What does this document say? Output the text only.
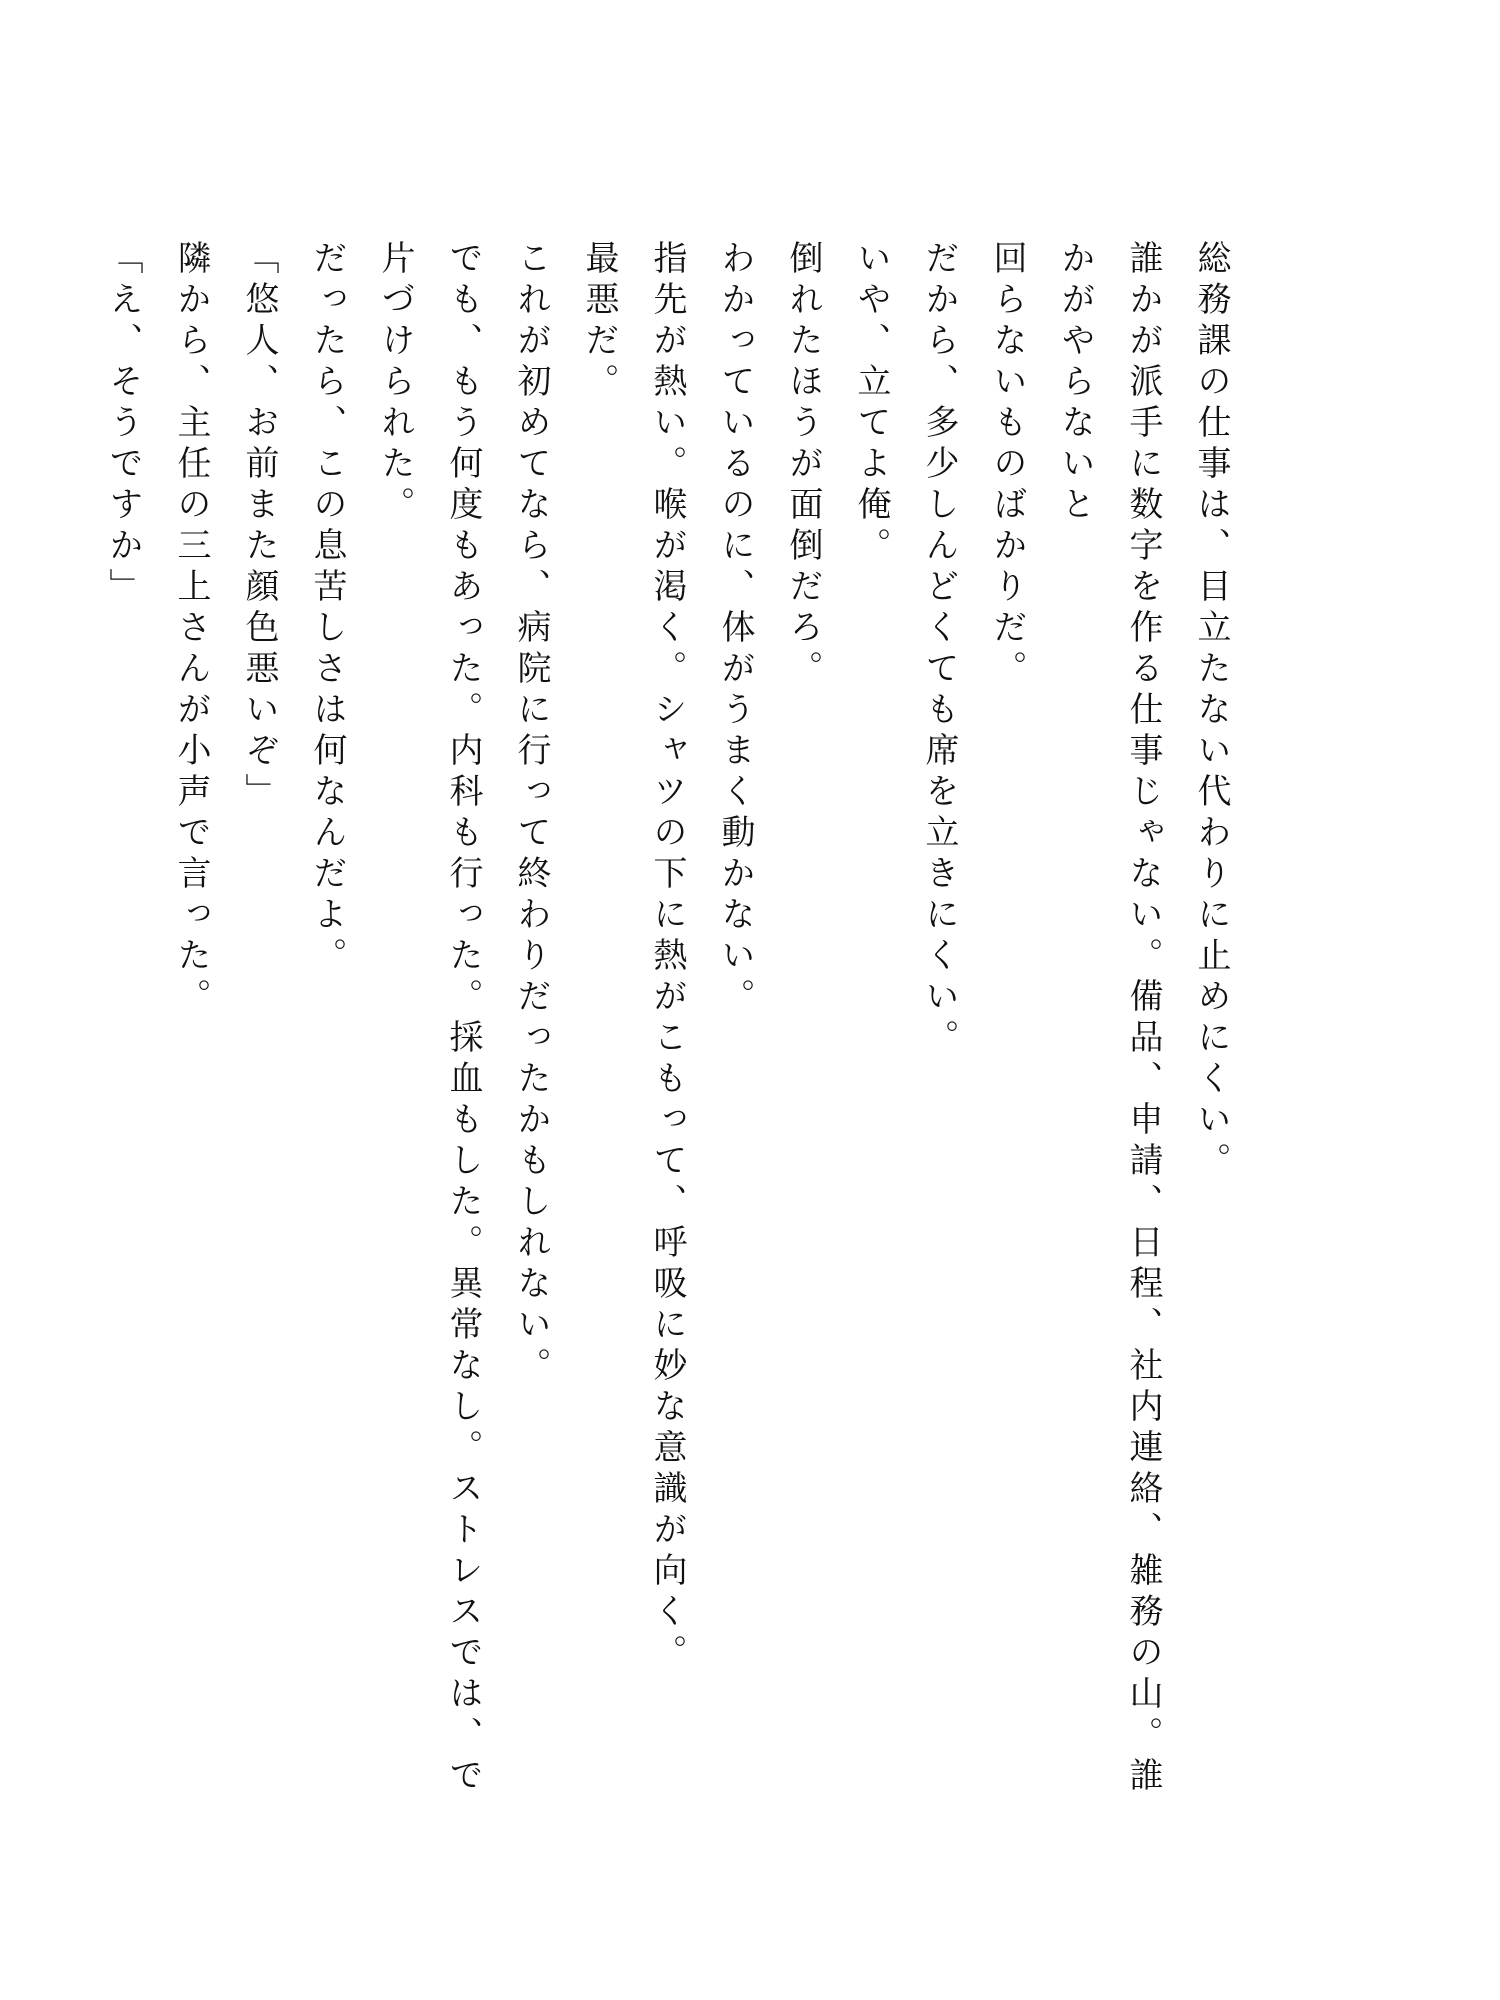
総務課の仕事は、目立たない代わりに止めにくい。
誰かが派手に数字を作る仕事じゃない。備品、申請、日程、社内連絡、雑務の山。誰かがやらないと
回らないものばかりだ。
だから、多少しんどくても席を立きにくい。
いや、立てよ俺。
倒れたほうが面倒だろ。
わかっているのに、体がうまく動かない。
指先が熱い。喉が渇く。シャツの下に熱がこもって、呼吸に妙な意識が向く。
最悪だ。
これが初めてなら、病院に行って終わりだったかもしれない。
でも、もう何度もあった。内科も行った。採血もした。異常なし。ストレスでは、で片づけられた。
だったら、この息苦しさは何なんだよ。
「悠人、お前また顔色悪いぞ」
隣から、主任の三上さんが小声で言った。
「え、そうですか」
